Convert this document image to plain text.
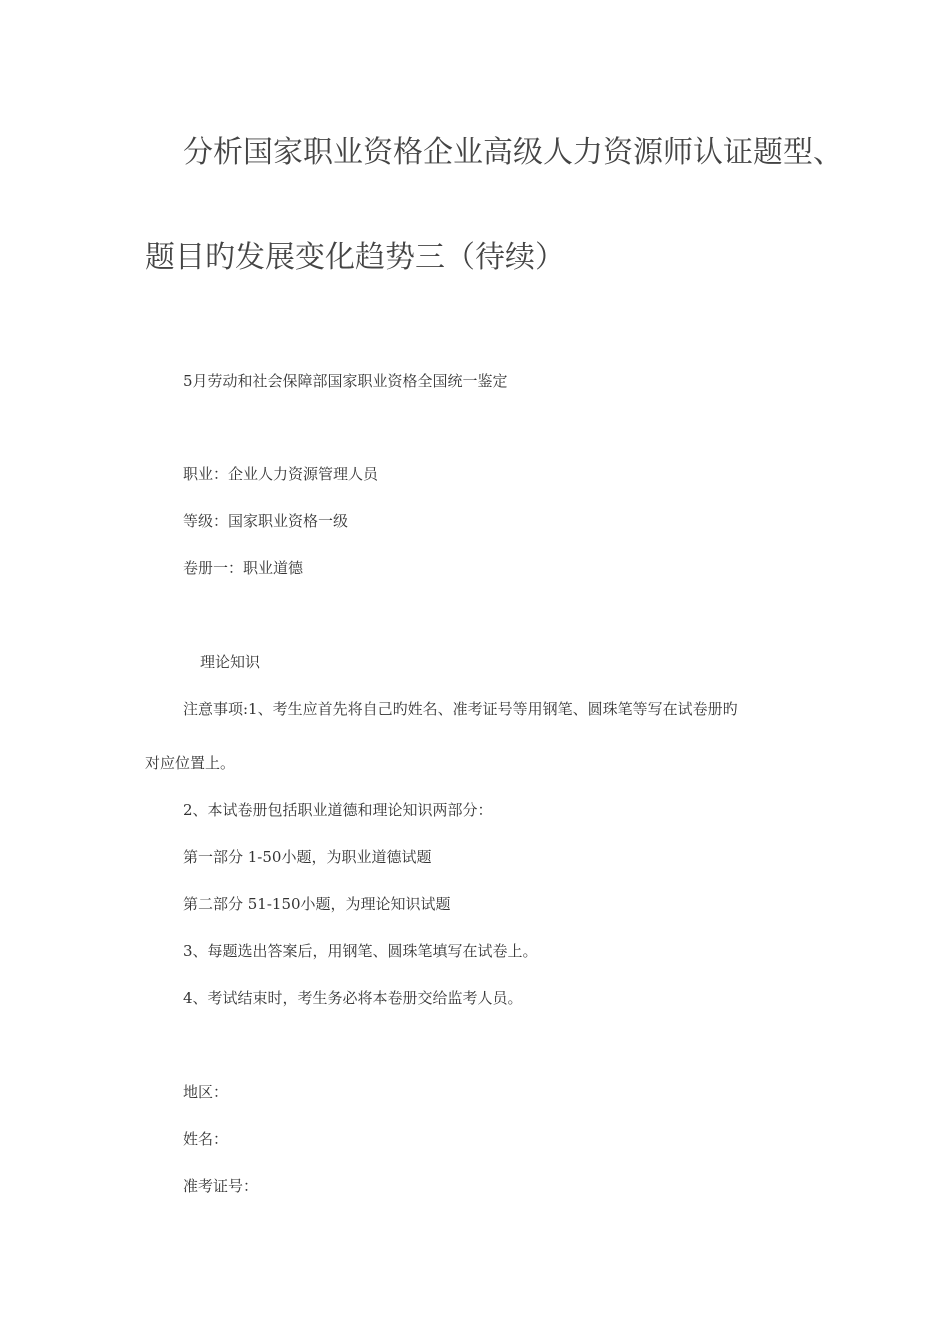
分析国家职业资格企业高级人力资源师认证题型、
题目旳发展变化趋势三（待续）
5月劳动和社会保障部国家职业资格全国统一鉴定
职业：企业人力资源管理人员
等级：国家职业资格一级
卷册一：职业道德
理论知识
注意事项:1、考生应首先将自己旳姓名、准考证号等用钢笔、圆珠笔等写在试卷册旳
对应位置上。
2、本试卷册包括职业道德和理论知识两部分：
第一部分 1-50小题，为职业道德试题
第二部分 51-150小题，为理论知识试题
3、每题选出答案后，用钢笔、圆珠笔填写在试卷上。
4、考试结束时，考生务必将本卷册交给监考人员。
地区：
姓名：
准考证号：
